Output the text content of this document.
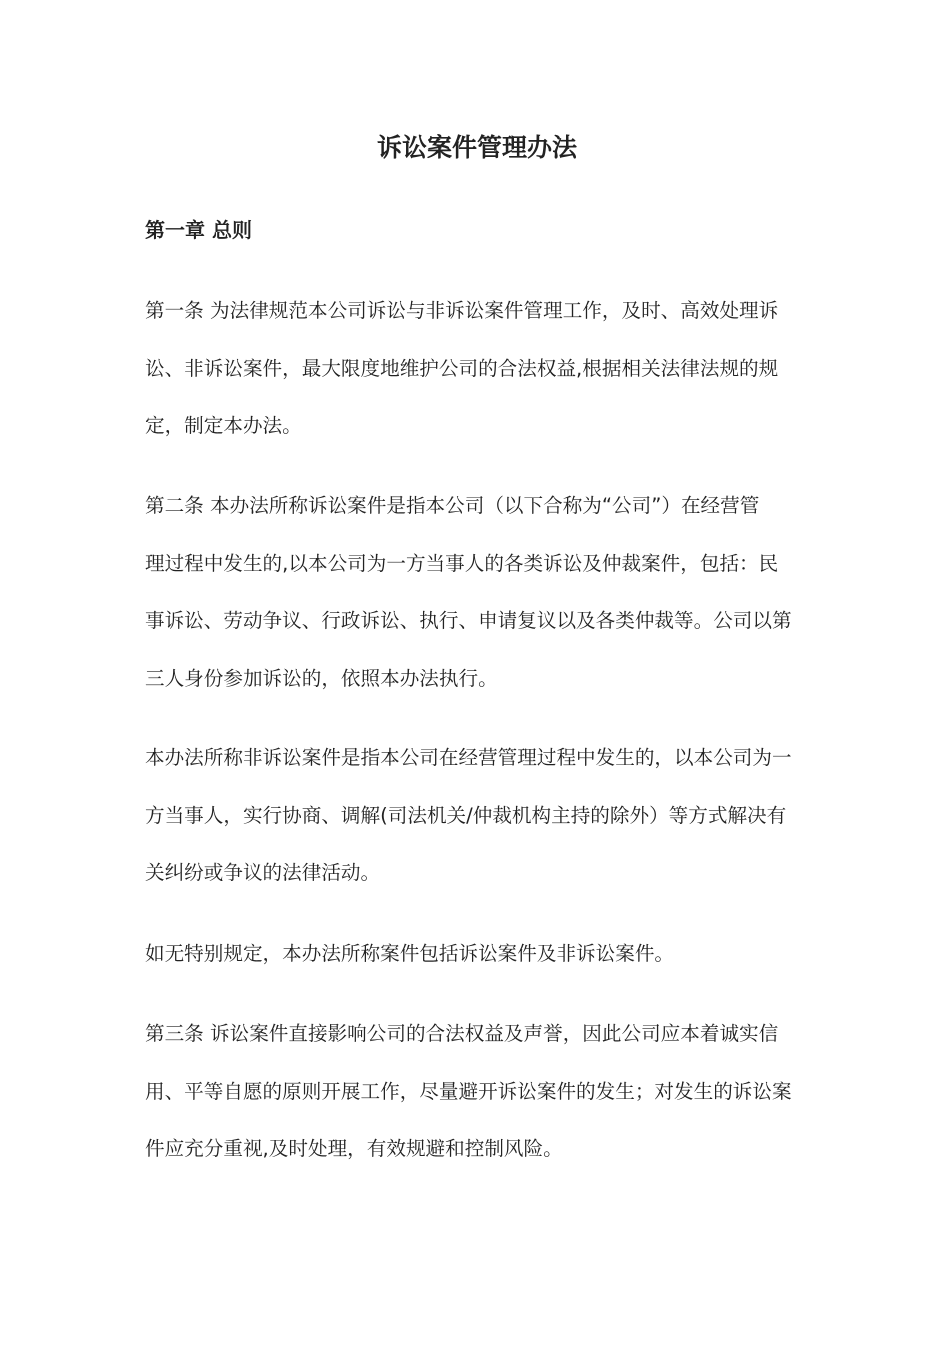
诉讼案件管理办法
第一章 总则

第一条 为法律规范本公司诉讼与非诉讼案件管理工作，及时、高效处理诉
讼、非诉讼案件，最大限度地维护公司的合法权益,根据相关法律法规的规
定，制定本办法。

第二条 本办法所称诉讼案件是指本公司（以下合称为“公司”）在经营管
理过程中发生的,以本公司为一方当事人的各类诉讼及仲裁案件，包括：民
事诉讼、劳动争议、行政诉讼、执行、申请复议以及各类仲裁等。公司以第
三人身份参加诉讼的，依照本办法执行。

本办法所称非诉讼案件是指本公司在经营管理过程中发生的，以本公司为一
方当事人，实行协商、调解(司法机关/仲裁机构主持的除外）等方式解决有
关纠纷或争议的法律活动。

如无特别规定，本办法所称案件包括诉讼案件及非诉讼案件。

第三条 诉讼案件直接影响公司的合法权益及声誉，因此公司应本着诚实信
用、平等自愿的原则开展工作，尽量避开诉讼案件的发生；对发生的诉讼案
件应充分重视,及时处理，有效规避和控制风险。
